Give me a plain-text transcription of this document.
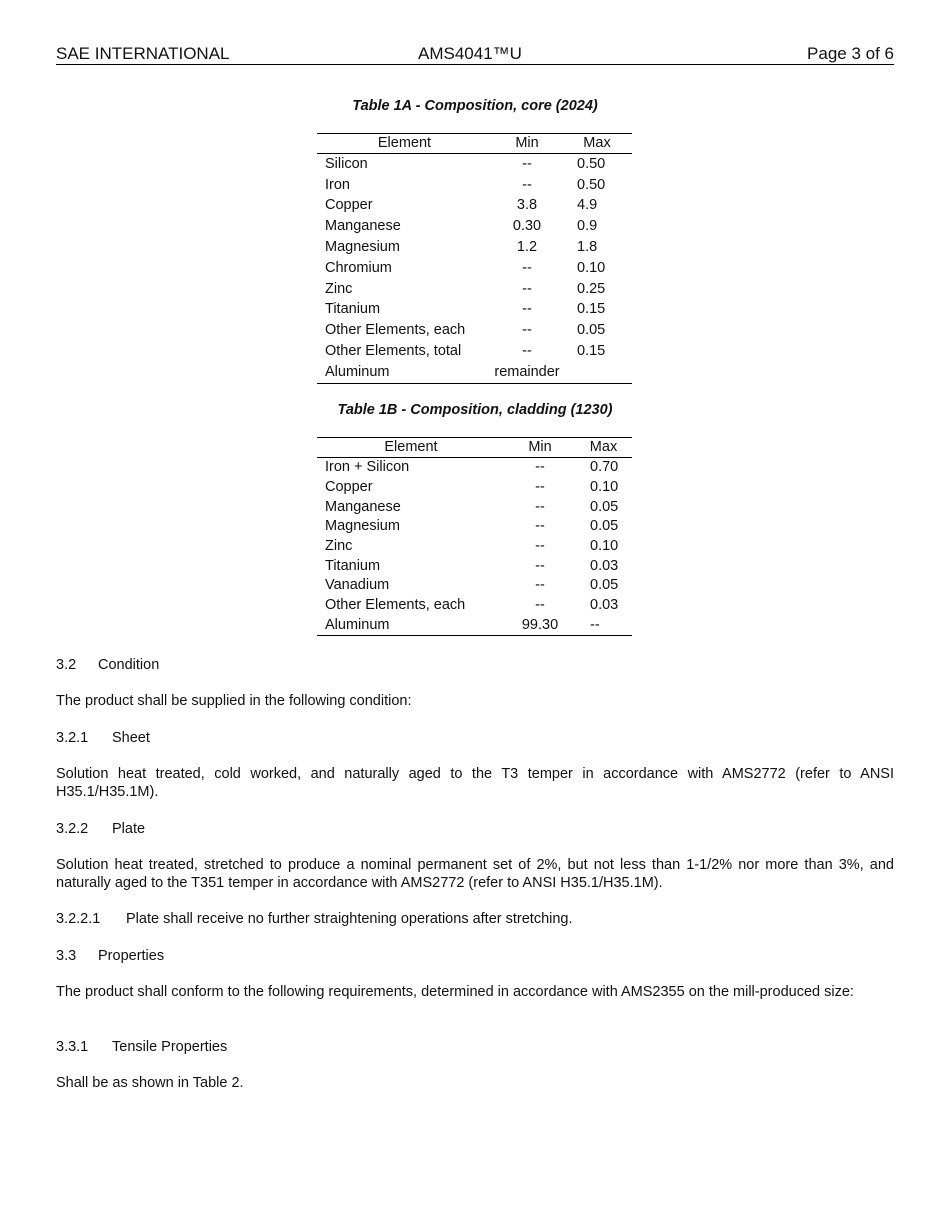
SAE INTERNATIONAL	AMS4041™U	Page 3 of 6
Table 1A - Composition, core (2024)
Element	Min	Max
Silicon	--	0.50
Iron	--	0.50
Copper	3.8	4.9
Manganese	0.30	0.9
Magnesium	1.2	1.8
Chromium	--	0.10
Zinc	--	0.25
Titanium	--	0.15
Other Elements, each	--	0.05
Other Elements, total	--	0.15
Aluminum	remainder	
Table 1B - Composition, cladding (1230)
Element	Min	Max
Iron + Silicon	--	0.70
Copper	--	0.10
Manganese	--	0.05
Magnesium	--	0.05
Zinc	--	0.10
Titanium	--	0.03
Vanadium	--	0.05
Other Elements, each	--	0.03
Aluminum	99.30	--
3.2 Condition
The product shall be supplied in the following condition:
3.2.1 Sheet
Solution heat treated, cold worked, and naturally aged to the T3 temper in accordance with AMS2772 (refer to ANSI H35.1/H35.1M).
3.2.2 Plate
Solution heat treated, stretched to produce a nominal permanent set of 2%, but not less than 1-1/2% nor more than 3%, and naturally aged to the T351 temper in accordance with AMS2772 (refer to ANSI H35.1/H35.1M).
3.2.2.1 Plate shall receive no further straightening operations after stretching.
3.3 Properties
The product shall conform to the following requirements, determined in accordance with AMS2355 on the mill-produced size:
3.3.1 Tensile Properties
Shall be as shown in Table 2.
